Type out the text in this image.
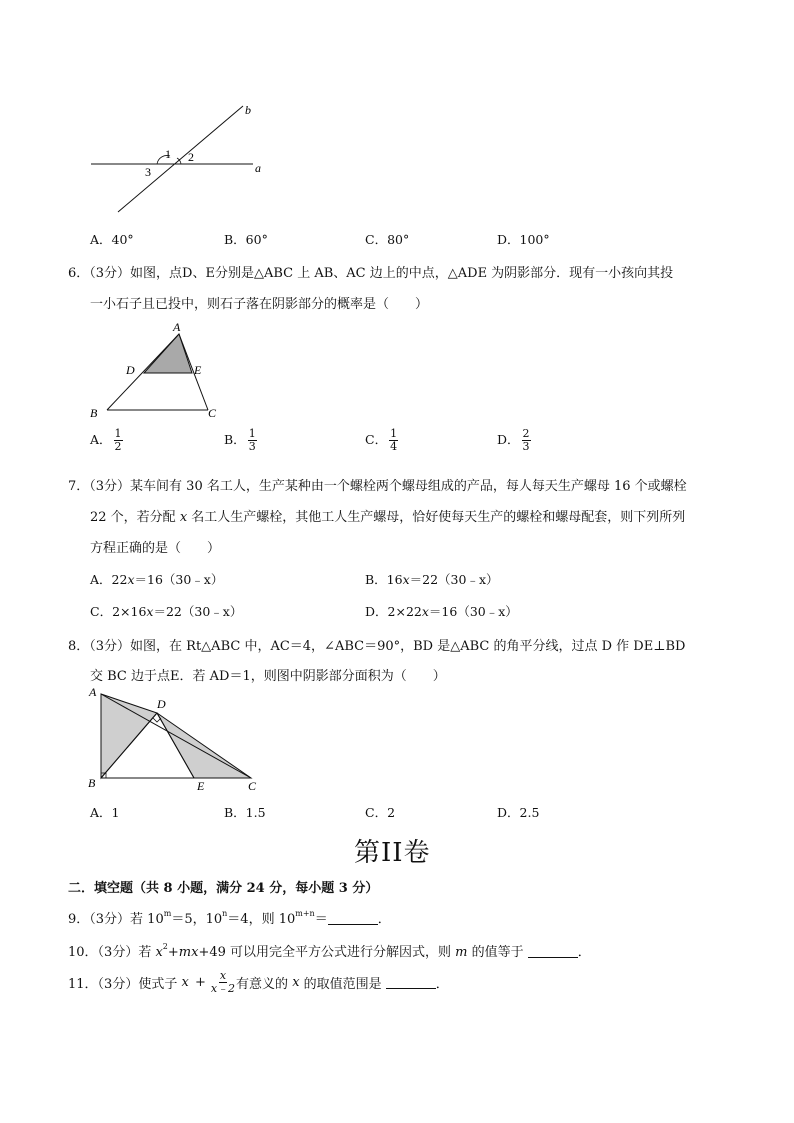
b
a
1 2
3
A．40°	B．60°	C．80°	D．100°
6．（3分）如图，点D、E分别是△ABC 上 AB、AC 边上的中点，△ADE 为阴影部分．现有一小孩向其投
一小石子且已投中，则石子落在阴影部分的概率是（　　）
A
D	E
B	C
A． $\frac{1}{2}$	B． $\frac{1}{3}$	C． $\frac{1}{4}$	D． $\frac{2}{3}$
7．（3分）某车间有 30 名工人，生产某种由一个螺栓两个螺母组成的产品，每人每天生产螺母 16 个或螺栓
22 个，若分配 x 名工人生产螺栓，其他工人生产螺母，恰好使每天生产的螺栓和螺母配套，则下列所列
方程正确的是（　　）
A．22x＝16（30﹣x）	B．16x＝22（30﹣x）
C．2×16x＝22（30﹣x）	D．2×22x＝16（30﹣x）
8．（3分）如图，在 Rt△ABC 中，AC＝4，∠ABC＝90°，BD 是△ABC 的角平分线，过点 D 作 DE⊥BD
交 BC 边于点E．若 AD＝1，则图中阴影部分面积为（　　）
A
D
B	E	C
A．1	B．1.5	C．2	D．2.5
第II卷
二．填空题（共 8 小题，满分 24 分，每小题 3 分）
9．（3分）若 $10^m=5$，$10^n=4$，则 $10^{m+n}=$	．
10．（3分）若 $x^2+mx+49$ 可以用完全平方公式进行分解因式，则 m 的值等于	．
11．（3分）使式子 $x + \frac{x}{x﹣2}$ 有意义的 x 的取值范围是	．
